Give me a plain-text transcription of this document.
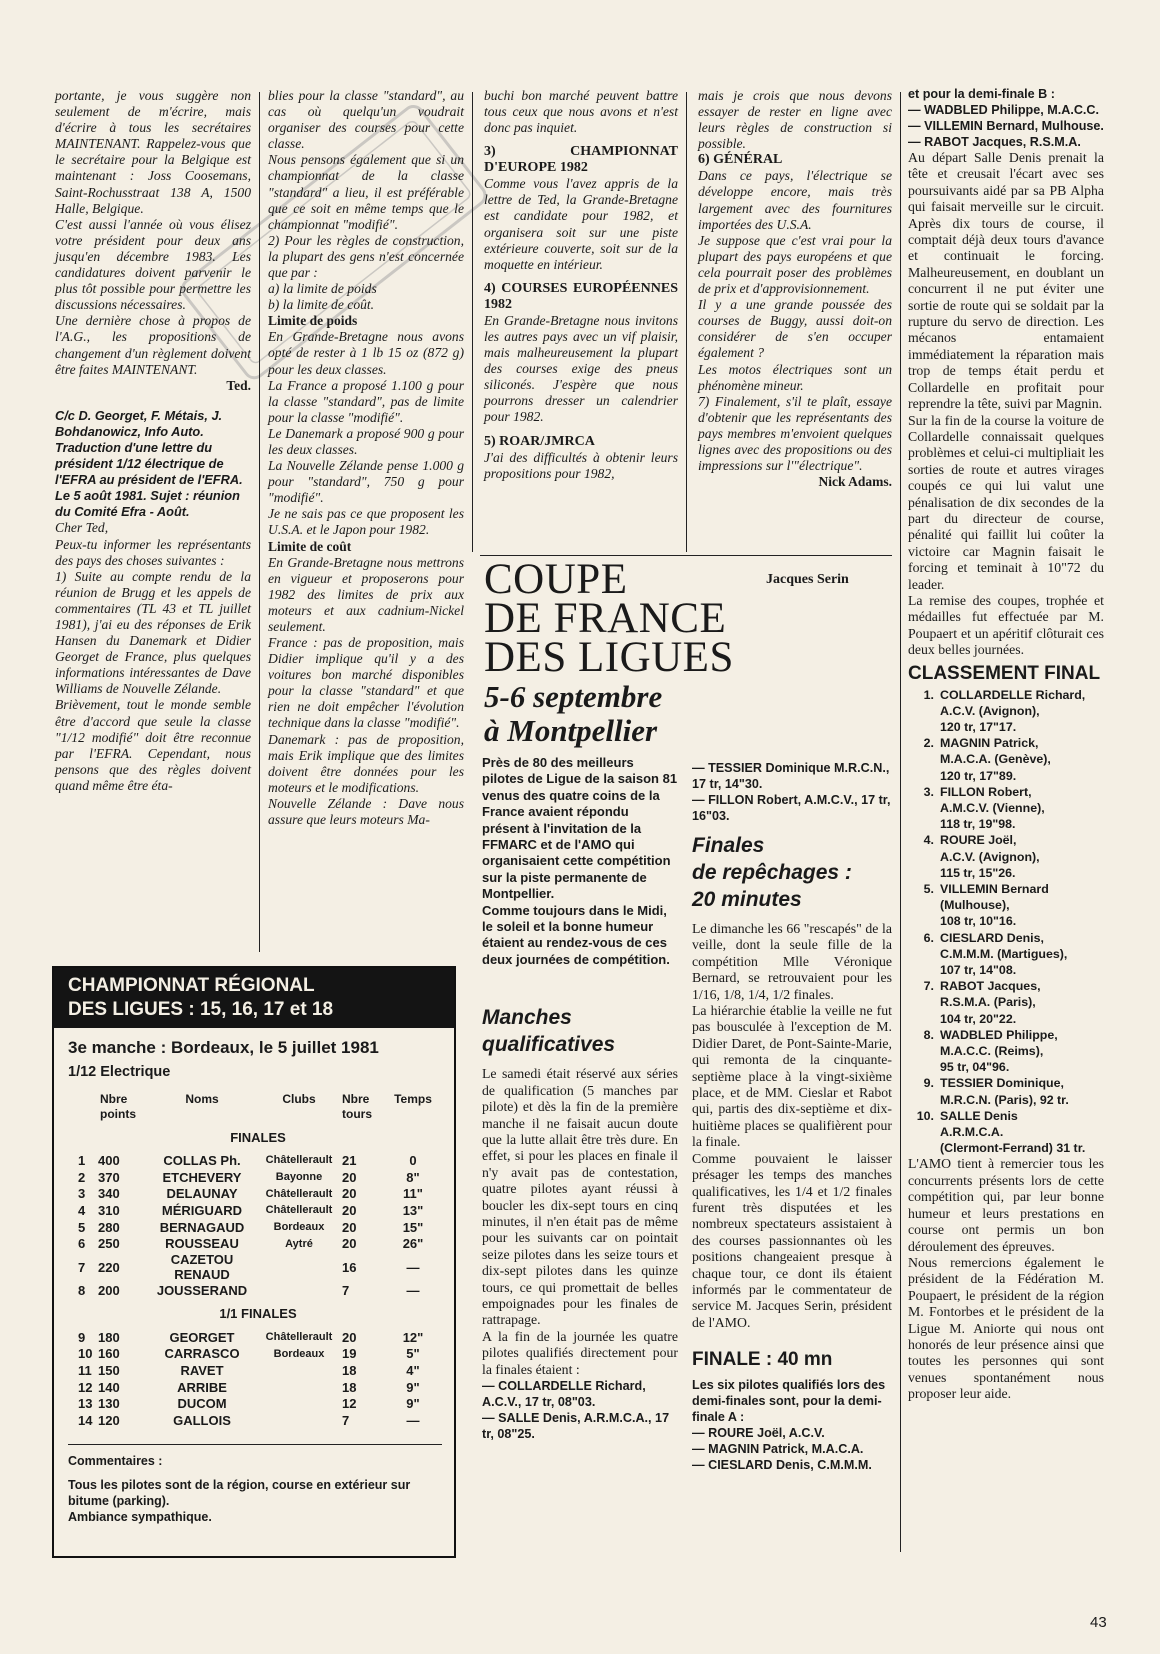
portante, je vous suggère non seulement de m'écrire, mais d'écrire à tous les secrétaires MAINTENANT. Rappelez-vous que le secrétaire pour la Belgique est maintenant : Joss Coosemans, Saint-Rochusstraat 138 A, 1500 Halle, Belgique.

C'est aussi l'année où vous élisez votre président pour deux ans jusqu'en décembre 1983. Les candidatures doivent parvenir le plus tôt possible pour permettre les discussions nécessaires.

Une dernière chose à propos de l'A.G., les propositions de changement d'un règlement doivent être faites MAINTENANT.

Ted.

C/c D. Georget, F. Métais, J. Bohdanowicz, Info Auto. Traduction d'une lettre du président 1/12 électrique de l'EFRA au président de l'EFRA. Le 5 août 1981. Sujet : réunion du Comité Efra - Août.

Cher Ted,

Peux-tu informer les représentants des pays des choses suivantes :

1) Suite au compte rendu de la réunion de Brugg et les appels de commentaires (TL 43 et TL juillet 1981), j'ai eu des réponses de Erik Hansen du Danemark et Didier Georget de France, plus quelques informations intéressantes de Dave Williams de Nouvelle Zélande.

Brièvement, tout le monde semble être d'accord que seule la classe "1/12 modifié" doit être reconnue par l'EFRA. Cependant, nous pensons que des règles doivent quand même être éta-

blies pour la classe "standard", au cas où quelqu'un voudrait organiser des courses pour cette classe.

Nous pensons également que si un championnat de la classe "standard" a lieu, il est préférable que ce soit en même temps que le championnat "modifié".

2) Pour les règles de construction, la plupart des gens n'est concernée que par :

a) la limite de poids

b) la limite de coût.

Limite de poids

En Grande-Bretagne nous avons opté de rester à 1 lb 15 oz (872 g) pour les deux classes.

La France a proposé 1.100 g pour la classe "standard", pas de limite pour la classe "modifié".

Le Danemark a proposé 900 g pour les deux classes.

La Nouvelle Zélande pense 1.000 g pour "standard", 750 g pour "modifié".

Je ne sais pas ce que proposent les U.S.A. et le Japon pour 1982.

Limite de coût

En Grande-Bretagne nous mettrons en vigueur et proposerons pour 1982 des limites de prix aux moteurs et aux cadnium-Nickel seulement.

France : pas de proposition, mais Didier implique qu'il y a des voitures bon marché disponibles pour la classe "standard" et que rien ne doit empêcher l'évolution technique dans la classe "modifié".

Danemark : pas de proposition, mais Erik implique que des limites doivent être données pour les moteurs et le modifications.

Nouvelle Zélande : Dave nous assure que leurs moteurs Ma-

buchi bon marché peuvent battre tous ceux que nous avons et n'est donc pas inquiet.

3) CHAMPIONNAT D'EUROPE 1982

Comme vous l'avez appris de la lettre de Ted, la Grande-Bretagne est candidate pour 1982, et organisera soit sur une piste extérieure couverte, soit sur de la moquette en intérieur.

4) COURSES EUROPÉENNES 1982

En Grande-Bretagne nous invitons les autres pays avec un vif plaisir, mais malheureusement la plupart des courses exige des pneus siliconés. J'espère que nous pourrons dresser un calendrier pour 1982.

5) ROAR/JMRCA

J'ai des difficultés à obtenir leurs propositions pour 1982,

mais je crois que nous devons essayer de rester en ligne avec leurs règles de construction si possible.

6) GÉNÉRAL

Dans ce pays, l'électrique se développe encore, mais très largement avec des fournitures importées des U.S.A.

Je suppose que c'est vrai pour la plupart des pays européens et que cela pourrait poser des problèmes de prix et d'approvisionnement.

Il y a une grande poussée des courses de Buggy, aussi doit-on considérer de s'en occuper également ?

Les motos électriques sont un phénomène mineur.

7) Finalement, s'il te plaît, essaye d'obtenir que les représentants des pays membres m'envoient quelques lignes avec des propositions ou des impressions sur l'"électrique".

Nick Adams.

COUPE
DE FRANCE
DES LIGUES
Jacques Serin
5-6 septembre
à Montpellier

Près de 80 des meilleurs pilotes de Ligue de la saison 81 venus des quatre coins de la France avaient répondu présent à l'invitation de la FFMARC et de l'AMO qui organisaient cette compétition sur la piste permanente de Montpellier.

Comme toujours dans le Midi, le soleil et la bonne humeur étaient au rendez-vous de ces deux journées de compétition.

Manches

qualificatives

Le samedi était réservé aux séries de qualification (5 manches par pilote) et dès la fin de la première manche il ne faisait aucun doute que la lutte allait être très dure. En effet, si pour les places en finale il n'y avait pas de contestation, quatre pilotes ayant réussi à boucler les dix-sept tours en cinq minutes, il n'en était pas de même pour les suivants car on pointait seize pilotes dans les seize tours et dix-sept pilotes dans les quinze tours, ce qui promettait de belles empoignades pour les finales de rattrapage.

A la fin de la journée les quatre pilotes qualifiés directement pour la finales étaient :

— COLLARDELLE Richard, A.C.V., 17 tr, 08"03.

— SALLE Denis, A.R.M.C.A., 17 tr, 08"25.

— TESSIER Dominique M.R.C.N., 17 tr, 14"30.

— FILLON Robert, A.M.C.V., 17 tr, 16"03.

Finales

de repêchages :

20 minutes

Le dimanche les 66 "rescapés" de la veille, dont la seule fille de la compétition Mlle Véronique Bernard, se retrouvaient pour les 1/16, 1/8, 1/4, 1/2 finales.

La hiérarchie établie la veille ne fut pas bousculée à l'exception de M. Didier Daret, de Pont-Sainte-Marie, qui remonta de la cinquante-septième place à la vingt-sixième place, et de MM. Cieslar et Rabot qui, partis des dix-septième et dix-huitième places se qualifièrent pour la finale.

Comme pouvaient le laisser présager les temps des manches qualificatives, les 1/4 et 1/2 finales furent très disputées et les nombreux spectateurs assistaient à des courses passionnantes où les positions changeaient presque à chaque tour, ce dont ils étaient informés par le commentateur de service M. Jacques Serin, président de l'AMO.

FINALE : 40 mn

Les six pilotes qualifiés lors des demi-finales sont, pour la demi-finale A :

— ROURE Joël, A.C.V.

— MAGNIN Patrick, M.A.C.A.

— CIESLARD Denis, C.M.M.M.

et pour la demi-finale B :

— WADBLED Philippe, M.A.C.C.

— VILLEMIN Bernard, Mulhouse.

— RABOT Jacques, R.S.M.A.

Au départ Salle Denis prenait la tête et creusait l'écart avec ses poursuivants aidé par sa PB Alpha qui faisait merveille sur le circuit. Après dix tours de course, il comptait déjà deux tours d'avance et continuait le forcing. Malheureusement, en doublant un concurrent il ne put éviter une sortie de route qui se soldait par la rupture du servo de direction. Les mécanos entamaient immédiatement la réparation mais trop de temps était perdu et Collardelle en profitait pour reprendre la tête, suivi par Magnin.

Sur la fin de la course la voiture de Collardelle connaissait quelques problèmes et celui-ci multipliait les sorties de route et autres virages coupés ce qui lui valut une pénalisation de dix secondes de la part du directeur de course, pénalité qui faillit lui coûter la victoire car Magnin faisait le forcing et teminait à 10"72 du leader.

La remise des coupes, trophée et médailles fut effectuée par M. Poupaert et un apéritif clôturait ces deux belles journées.

CLASSEMENT FINAL

1. COLLARDELLE Richard,
A.C.V. (Avignon),
120 tr, 17"17.
2. MAGNIN Patrick,
M.A.C.A. (Genève),
120 tr, 17"89.
3. FILLON Robert,
A.M.C.V. (Vienne),
118 tr, 19"98.
4. ROURE Joël,
A.C.V. (Avignon),
115 tr, 15"26.
5. VILLEMIN Bernard
(Mulhouse),
108 tr, 10"16.
6. CIESLARD Denis,
C.M.M.M. (Martigues),
107 tr, 14"08.
7. RABOT Jacques,
R.S.M.A. (Paris),
104 tr, 20"22.
8. WADBLED Philippe,
M.A.C.C. (Reims),
95 tr, 04"96.
9. TESSIER Dominique,
M.R.C.N. (Paris), 92 tr.
10. SALLE Denis
A.R.M.C.A.
(Clermont-Ferrand) 31 tr.

L'AMO tient à remercier tous les concurrents présents lors de cette compétition qui, par leur bonne humeur et leurs prestations en course ont permis un bon déroulement des épreuves.

Nous remercions également le président de la Fédération M. Poupaert, le président de la région M. Fontorbes et le président de la Ligue M. Aniorte qui nous ont honorés de leur présence ainsi que toutes les personnes qui sont venues spontanément nous proposer leur aide.

CHAMPIONNAT RÉGIONAL
DES LIGUES : 15, 16, 17 et 18
3e manche : Bordeaux, le 5 juillet 1981
1/12 Electrique
	Nbre points	Noms	Clubs	Nbre tours	Temps
FINALES					
1	400	COLLAS Ph.	Châtellerault	21	0
2	370	ETCHEVERY	Bayonne	20	8"
3	340	DELAUNAY	Châtellerault	20	11"
4	310	MÉRIGUARD	Châtellerault	20	13"
5	280	BERNAGAUD	Bordeaux	20	15"
6	250	ROUSSEAU	Aytré	20	26"
7	220	CAZETOU RENAUD		16	—
8	200	JOUSSERAND		7	—
1/1 FINALES					
9	180	GEORGET	Châtellerault	20	12"
10	160	CARRASCO	Bordeaux	19	5"
11	150	RAVET		18	4"
12	140	ARRIBE		18	9"
13	130	DUCOM		12	9"
14	120	GALLOIS		7	—
Commentaires :
Tous les pilotes sont de la région, course en extérieur sur bitume (parking).
Ambiance sympathique.
43
